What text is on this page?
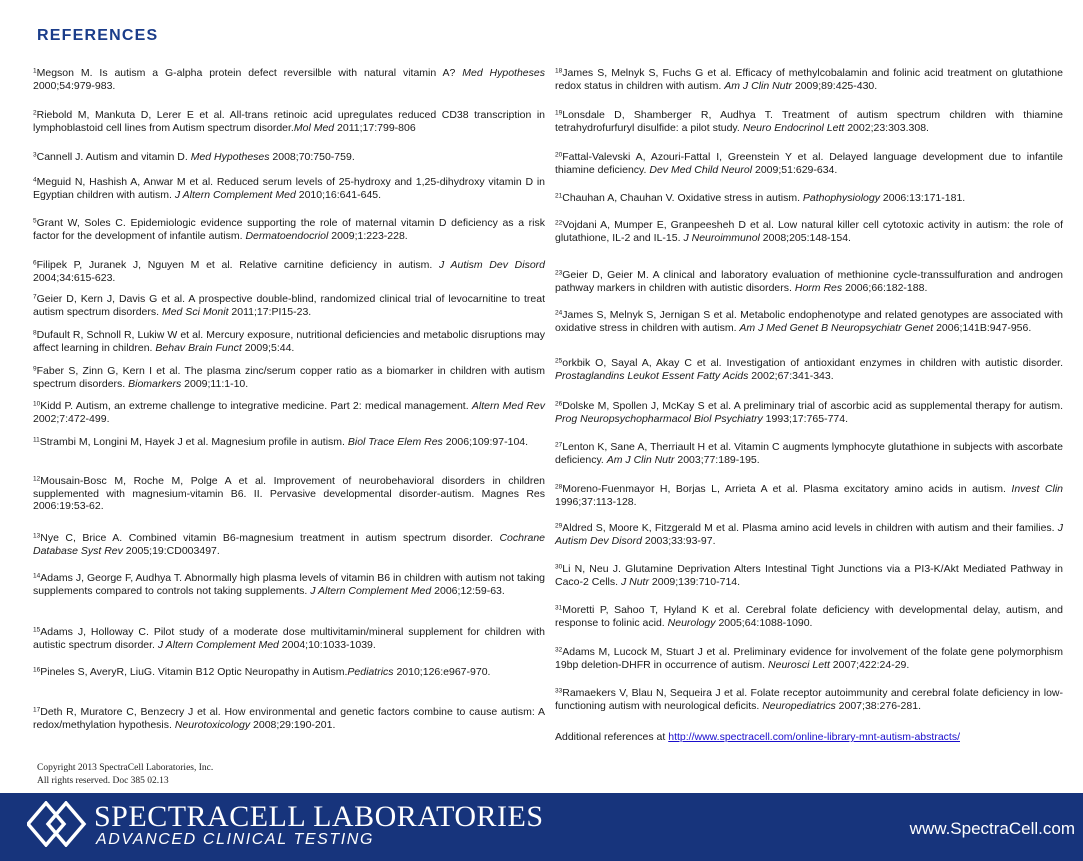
REFERENCES
$^1$Megson M. Is autism a G-alpha protein defect reversilble with natural vitamin A? Med Hypotheses 2000;54:979-983.
$^2$Riebold M, Mankuta D, Lerer E et al. All-trans retinoic acid upregulates reduced CD38 transcription in lymphoblastoid cell lines from Autism spectrum disorder.Mol Med 2011;17:799-806
$^3$Cannell J. Autism and vitamin D. Med Hypotheses 2008;70:750-759.
$^4$Meguid N, Hashish A, Anwar M et al. Reduced serum levels of 25-hydroxy and 1,25-dihydroxy vitamin D in Egyptian children with autism. J Altern Complement Med 2010;16:641-645.
$^5$Grant W, Soles C. Epidemiologic evidence supporting the role of maternal vitamin D deficiency as a risk factor for the development of infantile autism. Dermatoendocriol 2009;1:223-228.
$^6$Filipek P, Juranek J, Nguyen M et al. Relative carnitine deficiency in autism. J Autism Dev Disord 2004;34:615-623.
$^7$Geier D, Kern J, Davis G et al. A prospective double-blind, randomized clinical trial of levocarnitine to treat autism spectrum disorders. Med Sci Monit 2011;17:PI15-23.
$^8$Dufault R, Schnoll R, Lukiw W et al. Mercury exposure, nutritional deficiencies and metabolic disruptions may affect learning in children. Behav Brain Funct 2009;5:44.
$^9$Faber S, Zinn G, Kern I et al. The plasma zinc/serum copper ratio as a biomarker in children with autism spectrum disorders. Biomarkers 2009;11:1-10.
$^{10}$Kidd P. Autism, an extreme challenge to integrative medicine. Part 2: medical management. Altern Med Rev 2002;7:472-499.
$^{11}$Strambi M, Longini M, Hayek J et al. Magnesium profile in autism. Biol Trace Elem Res 2006;109:97-104.
$^{12}$Mousain-Bosc M, Roche M, Polge A et al. Improvement of neurobehavioral disorders in children supplemented with magnesium-vitamin B6. II. Pervasive developmental disorder-autism. Magnes Res 2006:19:53-62.
$^{13}$Nye C, Brice A. Combined vitamin B6-magnesium treatment in autism spectrum disorder. Cochrane Database Syst Rev 2005;19:CD003497.
$^{14}$Adams J, George F, Audhya T. Abnormally high plasma levels of vitamin B6 in children with autism not taking supplements compared to controls not taking supplements. J Altern Complement Med 2006;12:59-63.
$^{15}$Adams J, Holloway C. Pilot study of a moderate dose multivitamin/mineral supplement for children with autistic spectrum disorder. J Altern Complement Med 2004;10:1033-1039.
$^{16}$Pineles S, AveryR, LiuG. Vitamin B12 Optic Neuropathy in Autism.Pediatrics 2010;126:e967-970.
$^{17}$Deth R, Muratore C, Benzecry J et al. How environmental and genetic factors combine to cause autism: A redox/methylation hypothesis. Neurotoxicology 2008;29:190-201.
$^{18}$James S, Melnyk S, Fuchs G et al. Efficacy of methylcobalamin and folinic acid treatment on glutathione redox status in children with autism. Am J Clin Nutr 2009;89:425-430.
$^{19}$Lonsdale D, Shamberger R, Audhya T. Treatment of autism spectrum children with thiamine tetrahydrofurfuryl disulfide: a pilot study. Neuro Endocrinol Lett 2002;23:303.308.
$^{20}$Fattal-Valevski A, Azouri-Fattal I, Greenstein Y et al. Delayed language development due to infantile thiamine deficiency. Dev Med Child Neurol 2009;51:629-634.
$^{21}$Chauhan A, Chauhan V. Oxidative stress in autism. Pathophysiology 2006:13:171-181.
$^{22}$Vojdani A, Mumper E, Granpeesheh D et al. Low natural killer cell cytotoxic activity in autism: the role of glutathione, IL-2 and IL-15. J Neuroimmunol 2008;205:148-154.
$^{23}$Geier D, Geier M. A clinical and laboratory evaluation of methionine cycle-transsulfuration and androgen pathway markers in children with autistic disorders. Horm Res 2006;66:182-188.
$^{24}$James S, Melnyk S, Jernigan S et al. Metabolic endophenotype and related genotypes are associated with oxidative stress in children with autism. Am J Med Genet B Neuropsychiatr Genet 2006;141B:947-956.
$^{25}$orkbik O, Sayal A, Akay C et al. Investigation of antioxidant enzymes in children with autistic disorder. Prostaglandins Leukot Essent Fatty Acids 2002;67:341-343.
$^{26}$Dolske M, Spollen J, McKay S et al. A preliminary trial of ascorbic acid as supplemental therapy for autism. Prog Neuropsychopharmacol Biol Psychiatry 1993;17:765-774.
$^{27}$Lenton K, Sane A, Therriault H et al. Vitamin C augments lymphocyte glutathione in subjects with ascorbate deficiency. Am J Clin Nutr 2003;77:189-195.
$^{28}$Moreno-Fuenmayor H, Borjas L, Arrieta A et al. Plasma excitatory amino acids in autism. Invest Clin 1996;37:113-128.
$^{29}$Aldred S, Moore K, Fitzgerald M et al. Plasma amino acid levels in children with autism and their families. J Autism Dev Disord 2003;33:93-97.
$^{30}$Li N, Neu J. Glutamine Deprivation Alters Intestinal Tight Junctions via a PI3-K/Akt Mediated Pathway in Caco-2 Cells. J Nutr 2009;139:710-714.
$^{31}$Moretti P, Sahoo T, Hyland K et al. Cerebral folate deficiency with developmental delay, autism, and response to folinic acid. Neurology 2005;64:1088-1090.
$^{32}$Adams M, Lucock M, Stuart J et al. Preliminary evidence for involvement of the folate gene polymorphism 19bp deletion-DHFR in occurrence of autism. Neurosci Lett 2007;422:24-29.
$^{33}$Ramaekers V, Blau N, Sequeira J et al. Folate receptor autoimmunity and cerebral folate deficiency in low-functioning autism with neurological deficits. Neuropediatrics 2007;38:276-281.
Additional references at http://www.spectracell.com/online-library-mnt-autism-abstracts/
Copyright 2013 SpectraCell Laboratories, Inc.
All rights reserved. Doc 385 02.13
SPECTRACELL LABORATORIES
ADVANCED CLINICAL TESTING
www.SpectraCell.com
